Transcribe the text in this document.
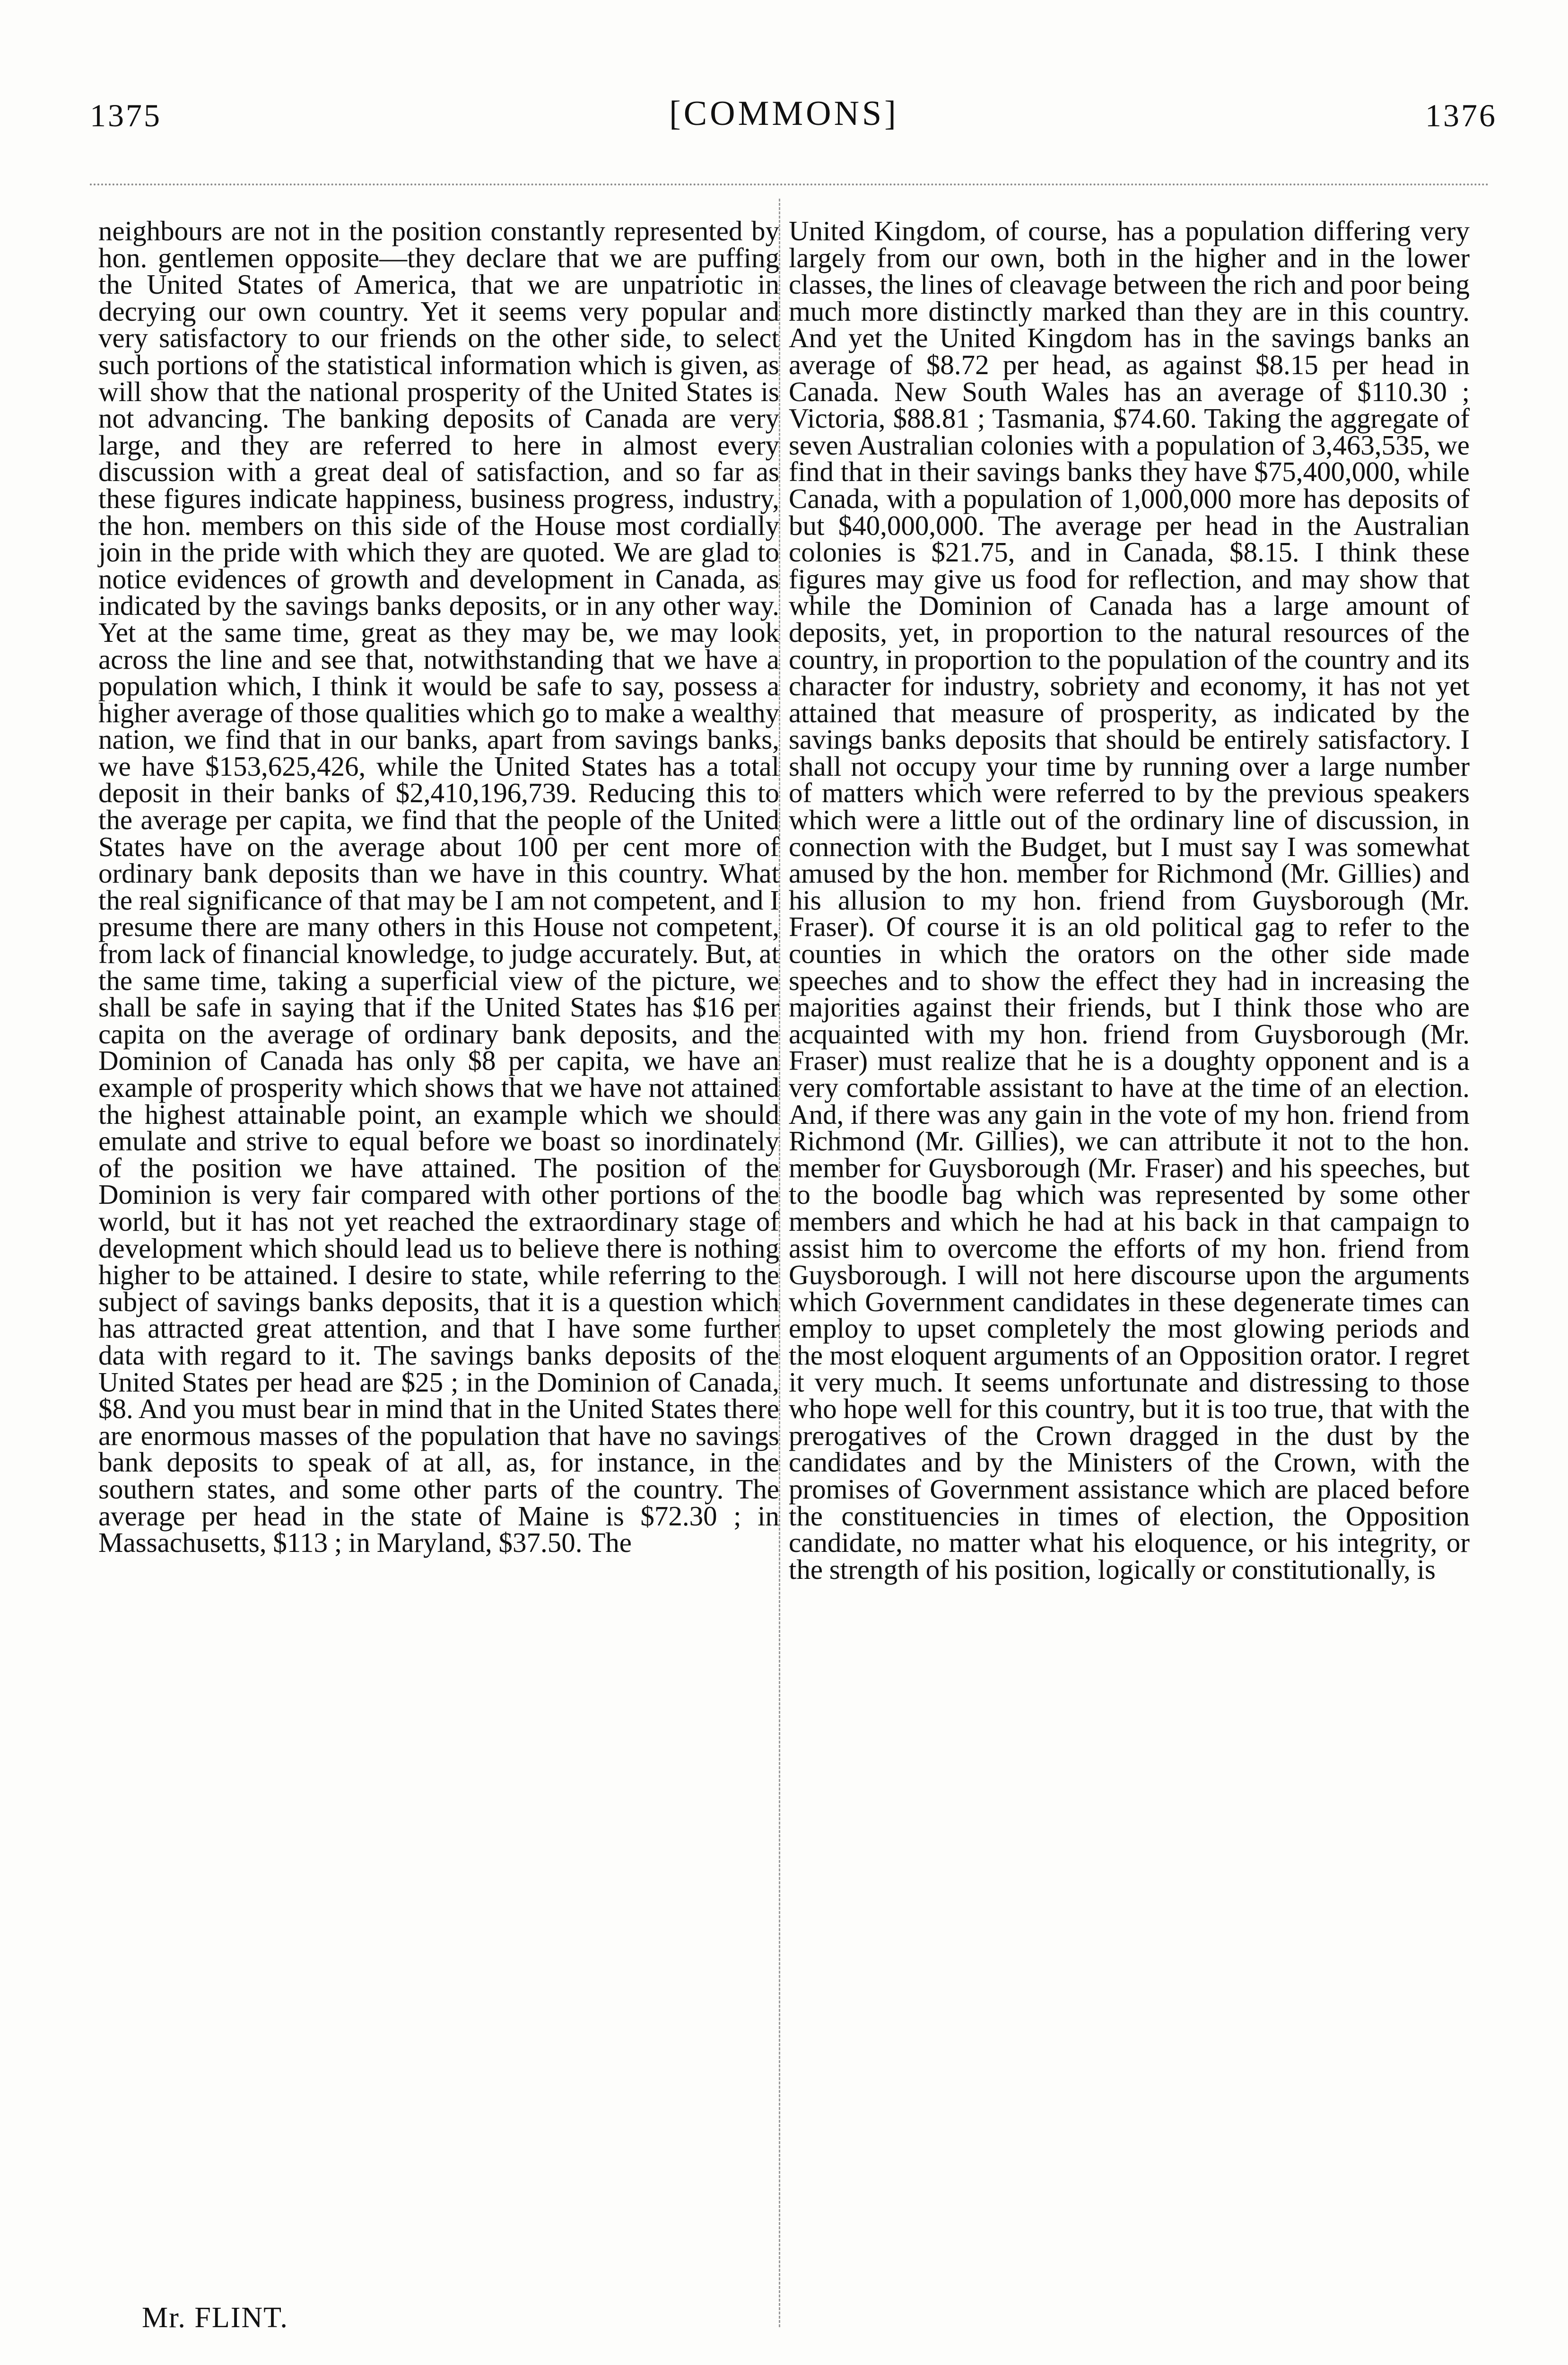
1375	[COMMONS]	1376

neighbours are not in the position constantly represented by hon. gentlemen opposite—they declare that we are puffing the United States of America, that we are unpatriotic in decrying our own country. Yet it seems very popular and very satisfactory to our friends on the other side, to select such portions of the statistical information which is given, as will show that the national prosperity of the United States is not advancing. The banking deposits of Canada are very large, and they are referred to here in almost every discussion with a great deal of satisfaction, and so far as these figures indicate happiness, business progress, industry, the hon. members on this side of the House most cordially join in the pride with which they are quoted. We are glad to notice evidences of growth and development in Canada, as indicated by the savings banks deposits, or in any other way. Yet at the same time, great as they may be, we may look across the line and see that, notwithstanding that we have a population which, I think it would be safe to say, possess a higher average of those qualities which go to make a wealthy nation, we find that in our banks, apart from savings banks, we have $153,625,426, while the United States has a total deposit in their banks of $2,410,196,739. Reducing this to the average per capita, we find that the people of the United States have on the average about 100 per cent more of ordinary bank deposits than we have in this country. What the real significance of that may be I am not competent, and I presume there are many others in this House not competent, from lack of financial knowledge, to judge accurately. But, at the same time, taking a superficial view of the picture, we shall be safe in saying that if the United States has $16 per capita on the average of ordinary bank deposits, and the Dominion of Canada has only $8 per capita, we have an example of prosperity which shows that we have not attained the highest attainable point, an example which we should emulate and strive to equal before we boast so inordinately of the position we have attained. The position of the Dominion is very fair compared with other portions of the world, but it has not yet reached the extraordinary stage of development which should lead us to believe there is nothing higher to be attained. I desire to state, while referring to the subject of savings banks deposits, that it is a question which has attracted great attention, and that I have some further data with regard to it. The savings banks deposits of the United States per head are $25 ; in the Dominion of Canada, $8. And you must bear in mind that in the United States there are enormous masses of the population that have no savings bank deposits to speak of at all, as, for instance, in the southern states, and some other parts of the country. The average per head in the state of Maine is $72.30 ; in Massachusetts, $113 ; in Maryland, $37.50. The

United Kingdom, of course, has a population differing very largely from our own, both in the higher and in the lower classes, the lines of cleavage between the rich and poor being much more distinctly marked than they are in this country. And yet the United Kingdom has in the savings banks an average of $8.72 per head, as against $8.15 per head in Canada. New South Wales has an average of $110.30 ; Victoria, $88.81 ; Tasmania, $74.60. Taking the aggregate of seven Australian colonies with a population of 3,463,535, we find that in their savings banks they have $75,400,000, while Canada, with a population of 1,000,000 more has deposits of but $40,000,000. The average per head in the Australian colonies is $21.75, and in Canada, $8.15. I think these figures may give us food for reflection, and may show that while the Dominion of Canada has a large amount of deposits, yet, in proportion to the natural resources of the country, in proportion to the population of the country and its character for industry, sobriety and economy, it has not yet attained that measure of prosperity, as indicated by the savings banks deposits that should be entirely satisfactory. I shall not occupy your time by running over a large number of matters which were referred to by the previous speakers which were a little out of the ordinary line of discussion, in connection with the Budget, but I must say I was somewhat amused by the hon. member for Richmond (Mr. Gillies) and his allusion to my hon. friend from Guysborough (Mr. Fraser). Of course it is an old political gag to refer to the counties in which the orators on the other side made speeches and to show the effect they had in increasing the majorities against their friends, but I think those who are acquainted with my hon. friend from Guysborough (Mr. Fraser) must realize that he is a doughty opponent and is a very comfortable assistant to have at the time of an election. And, if there was any gain in the vote of my hon. friend from Richmond (Mr. Gillies), we can attribute it not to the hon. member for Guysborough (Mr. Fraser) and his speeches, but to the boodle bag which was represented by some other members and which he had at his back in that campaign to assist him to overcome the efforts of my hon. friend from Guysborough. I will not here discourse upon the arguments which Government candidates in these degenerate times can employ to upset completely the most glowing periods and the most eloquent arguments of an Opposition orator. I regret it very much. It seems unfortunate and distressing to those who hope well for this country, but it is too true, that with the prerogatives of the Crown dragged in the dust by the candidates and by the Ministers of the Crown, with the promises of Government assistance which are placed before the constituencies in times of election, the Opposition candidate, no matter what his eloquence, or his integrity, or the strength of his position, logically or constitutionally, is

Mr. FLINT.
